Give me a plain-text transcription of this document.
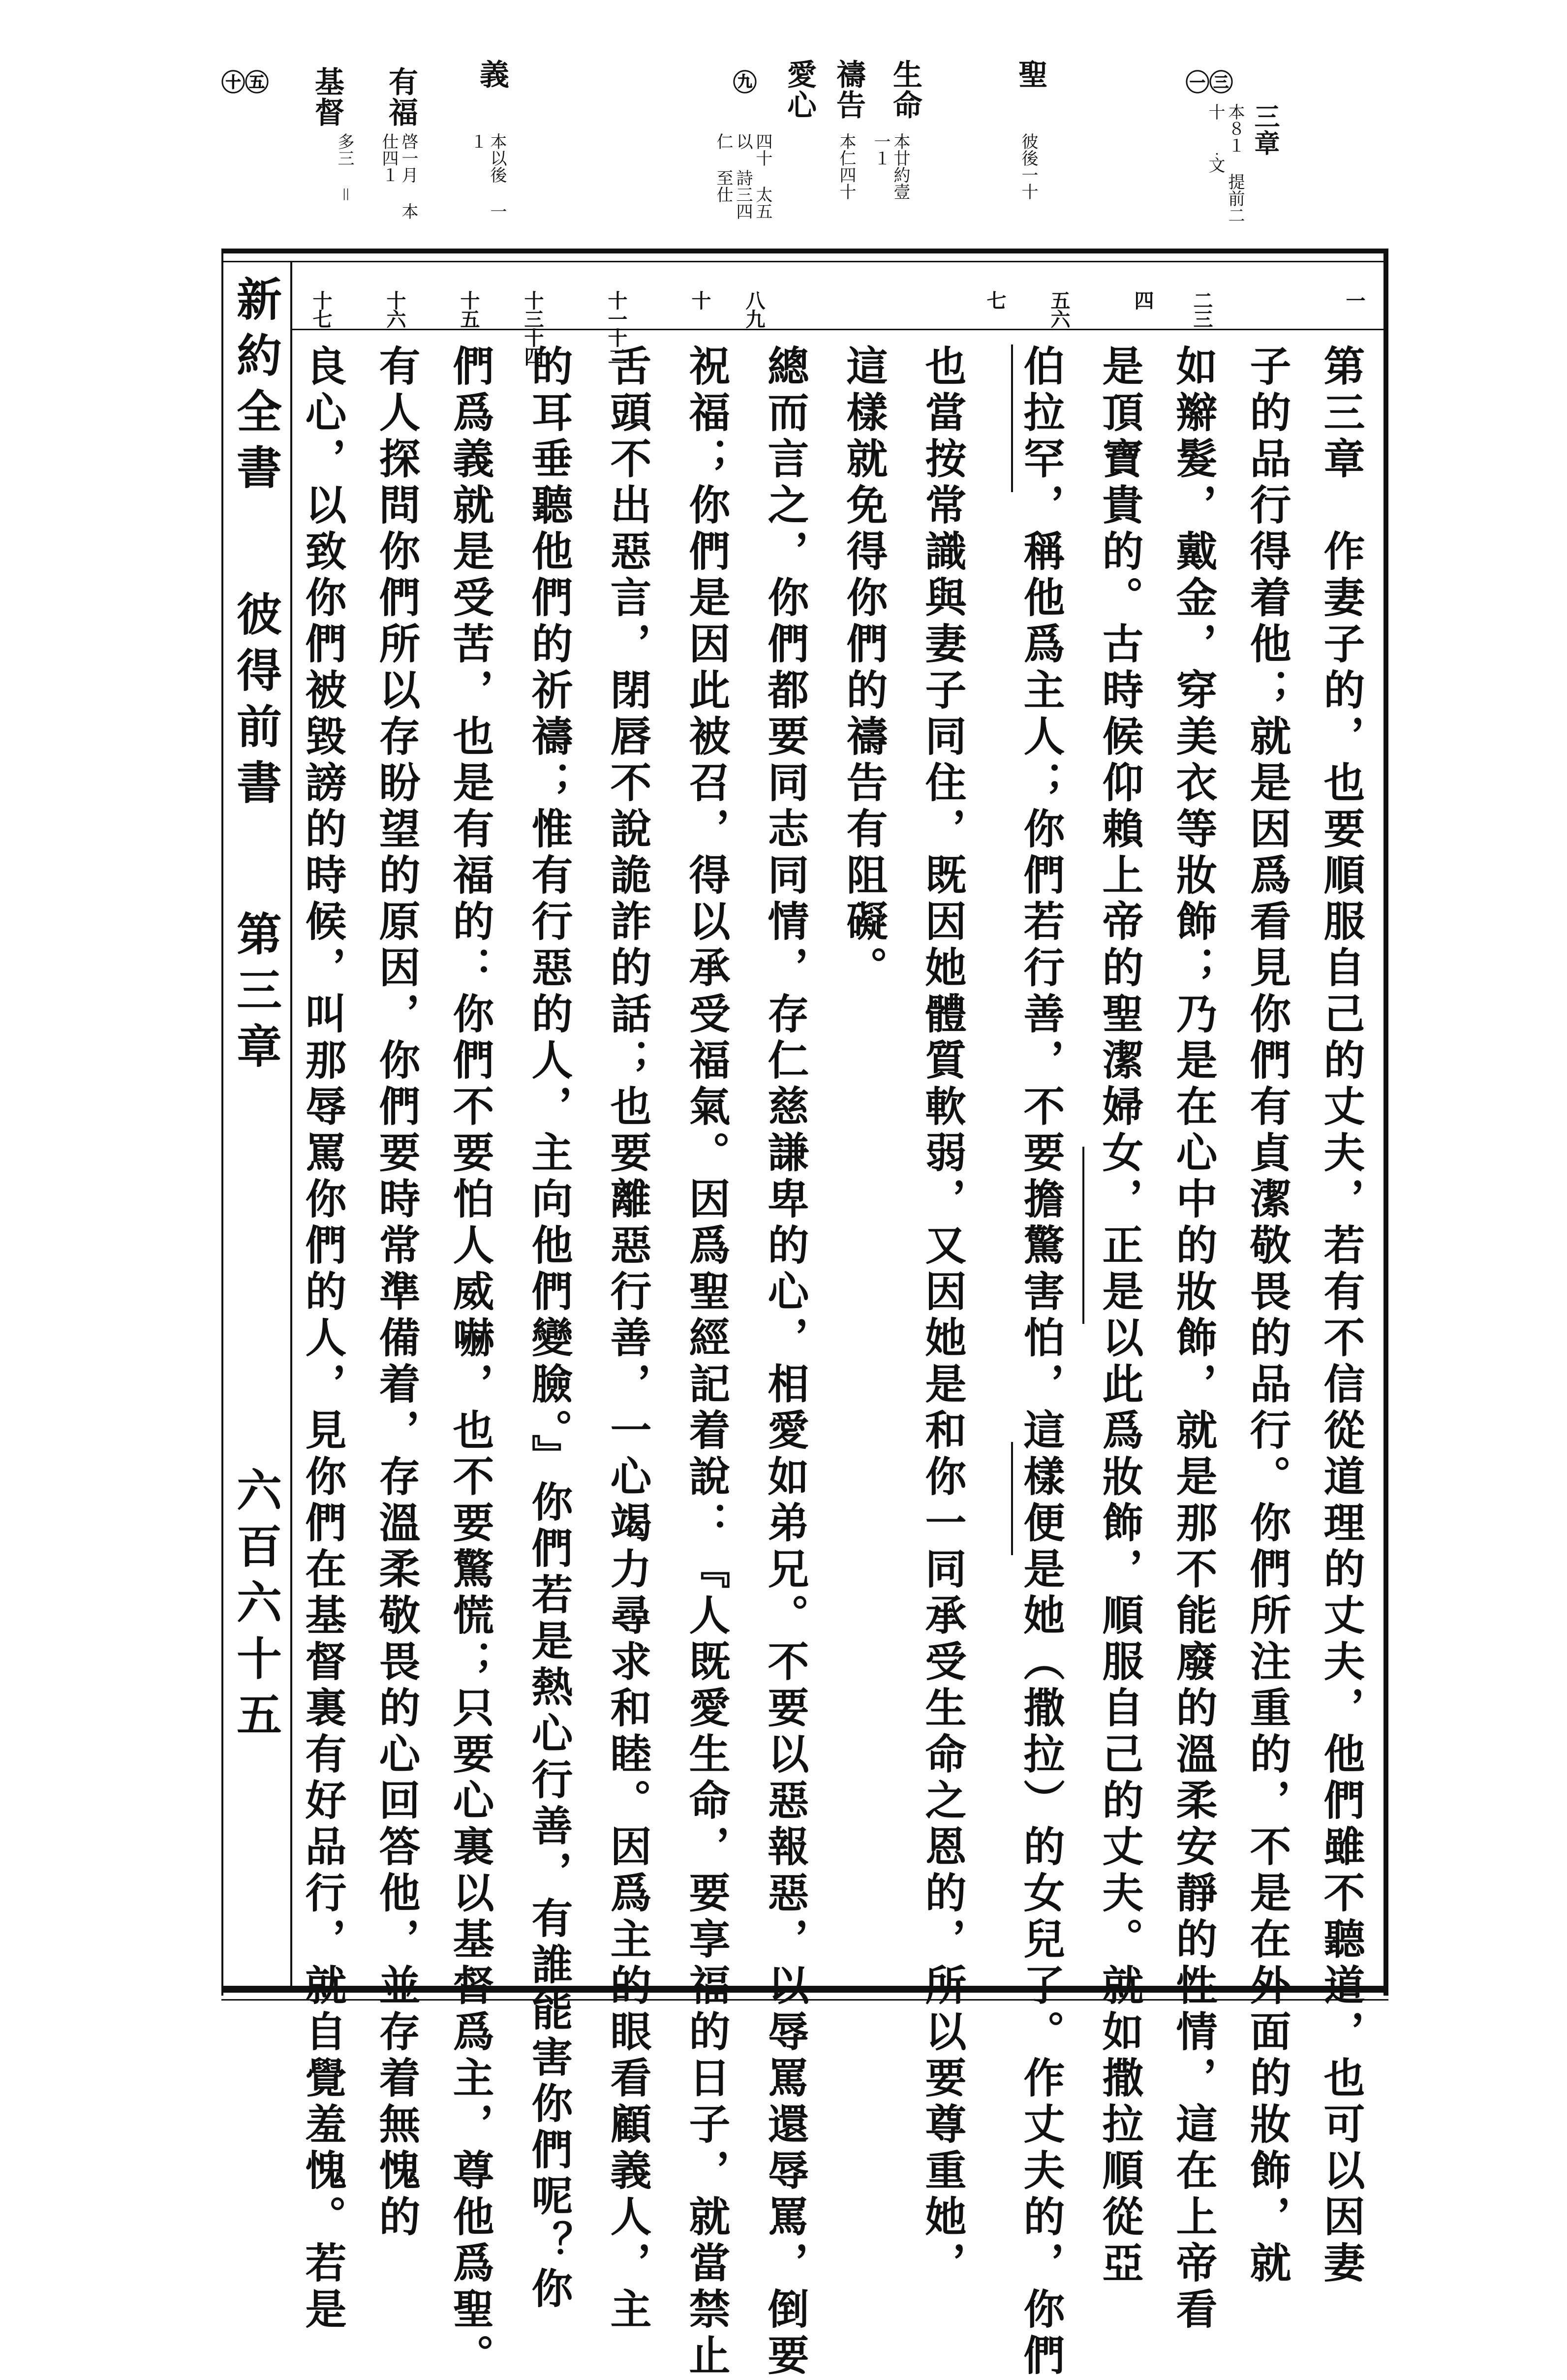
㊀㊂
三章
本８１ 提前二十 ﹒文
聖
彼後一十
生命
本廿約壹 一１
禱告
㊈
本仁四十
愛心
四十 太五以 詩三四仁 至仕
義
㊉㊄
本以後 一１
有福
啓一月 本仕四１
基督
多三 ＝
新約全書
彼得前書
第三章
六百六十五
一
二三
四
五六
七
八九
十
十一十二
十三十四
十五
十六
十七
第三章　作妻子的，也要順服自己的丈夫，若有不信從道理的丈夫，他們雖不聽道，也可以因妻
子的品行得着他；就是因爲看見你們有貞潔敬畏的品行。你們所注重的，不是在外面的妝飾，就
如辮髮，戴金，穿美衣等妝飾；乃是在心中的妝飾，就是那不能廢的溫柔安靜的性情，這在上帝看
是頂寶貴的。古時候仰賴上帝的聖潔婦女，正是以此爲妝飾，順服自己的丈夫。就如撒拉順從亞
伯拉罕，稱他爲主人；你們若行善，不要擔驚害怕，這樣便是她（撒拉）的女兒了。作丈夫的，你們
也當按常識與妻子同住，既因她體質軟弱，又因她是和你一同承受生命之恩的，所以要尊重她，
這樣就免得你們的禱告有阻礙。
總而言之，你們都要同志同情，存仁慈謙卑的心，相愛如弟兄。不要以惡報惡，以辱罵還辱罵，倒要
祝福；你們是因此被召，得以承受福氣。因爲聖經記着說：『人既愛生命，要享福的日子，就當禁止
舌頭不出惡言，閉唇不說詭詐的話；也要離惡行善，一心竭力尋求和睦。因爲主的眼看顧義人，主
的耳垂聽他們的祈禱；惟有行惡的人，主向他們變臉。』你們若是熱心行善，有誰能害你們呢？你
們爲義就是受苦，也是有福的：你們不要怕人威嚇，也不要驚慌；只要心裏以基督爲主，尊他爲聖。
有人探問你們所以存盼望的原因，你們要時常準備着，存溫柔敬畏的心回答他，並存着無愧的
良心，以致你們被毀謗的時候，叫那辱罵你們的人，見你們在基督裏有好品行，就自覺羞愧。若是
